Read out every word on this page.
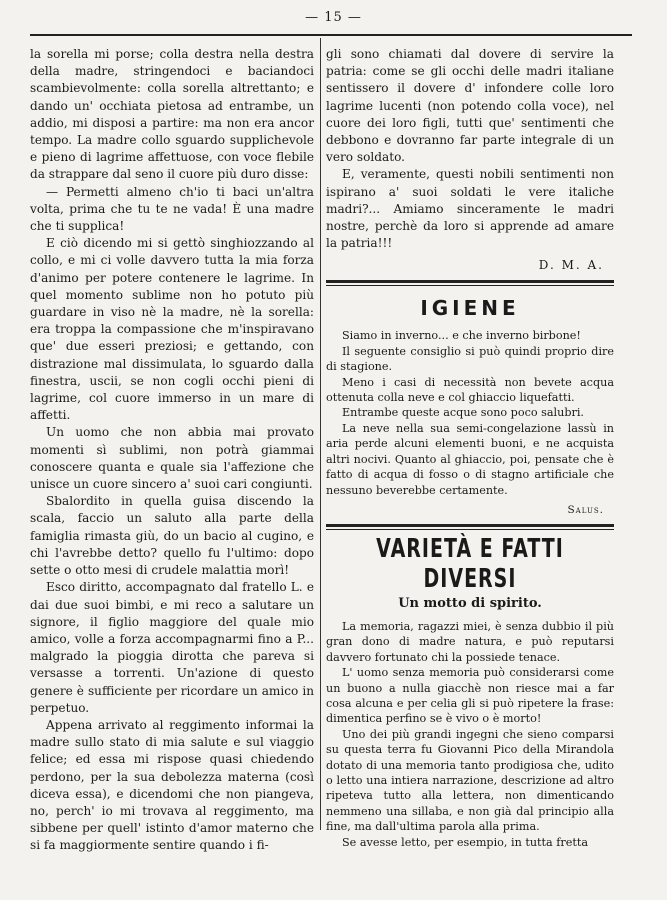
— 15 —

la sorella mi porse; colla destra nella destra della madre, stringendoci e baciandoci scambievolmente: colla sorella altrettanto; e dando un' occhiata pietosa ad entrambe, un addio, mi disposi a partire: ma non era ancor tempo. La madre collo sguardo supplichevole e pieno di lagrime affettuose, con voce flebile da strappare dal seno il cuore più duro disse:

— Permetti almeno ch'io ti baci un'altra volta, prima che tu te ne vada! È una madre che ti supplica!

E ciò dicendo mi si gettò singhiozzando al collo, e mi ci volle davvero tutta la mia forza d'animo per potere contenere le lagrime. In quel momento sublime non ho potuto più guardare in viso nè la madre, nè la sorella: era troppa la compassione che m'inspiravano que' due esseri preziosi; e gettando, con distrazione mal dissimulata, lo sguardo dalla finestra, uscii, se non cogli occhi pieni di lagrime, col cuore immerso in un mare di affetti.

Un uomo che non abbia mai provato momenti sì sublimi, non potrà giammai conoscere quanta e quale sia l'affezione che unisce un cuore sincero a' suoi cari congiunti.

Sbalordito in quella guisa discendo la scala, faccio un saluto alla parte della famiglia rimasta giù, do un bacio al cugino, e chi l'avrebbe detto? quello fu l'ultimo: dopo sette o otto mesi di crudele malattia morì!

Esco diritto, accompagnato dal fratello L. e dai due suoi bimbi, e mi reco a salutare un signore, il figlio maggiore del quale mio amico, volle a forza accompagnarmi fino a P... malgrado la pioggia dirotta che pareva si versasse a torrenti. Un'azione di questo genere è sufficiente per ricordare un amico in perpetuo.

Appena arrivato al reggimento informai la madre sullo stato di mia salute e sul viaggio felice; ed essa mi rispose quasi chiedendo perdono, per la sua debolezza materna (così diceva essa), e dicendomi che non piangeva, no, perch' io mi trovava al reggimento, ma sibbene per quell' istinto d'amor materno che si fa maggiormente sentire quando i fi-

gli sono chiamati dal dovere di servire la patria: come se gli occhi delle madri italiane sentissero il dovere d' infondere colle loro lagrime lucenti (non potendo colla voce), nel cuore dei loro figli, tutti que' sentimenti che debbono e dovranno far parte integrale di un vero soldato.

E, veramente, questi nobili sentimenti non ispirano a' suoi soldati le vere italiche madri?... Amiamo sinceramente le madri nostre, perchè da loro si apprende ad amare la patria!!!

D. M. A.
IGIENE

Siamo in inverno... e che inverno birbone!

Il seguente consiglio si può quindi proprio dire di stagione.

Meno i casi di necessità non bevete acqua ottenuta colla neve e col ghiaccio liquefatti.

Entrambe queste acque sono poco salubri.

La neve nella sua semi-congelazione lassù in aria perde alcuni elementi buoni, e ne acquista altri nocivi. Quanto al ghiaccio, poi, pensate che è fatto di acqua di fosso o di stagno artificiale che nessuno beverebbe certamente.

Salus.
VARIETÀ E FATTI DIVERSI
Un motto di spirito.

La memoria, ragazzi miei, è senza dubbio il più gran dono di madre natura, e può reputarsi davvero fortunato chi la possiede tenace.

L' uomo senza memoria può considerarsi come un buono a nulla giacchè non riesce mai a far cosa alcuna e per celia gli si può ripetere la frase: dimentica perfino se è vivo o è morto!

Uno dei più grandi ingegni che sieno comparsi su questa terra fu Giovanni Pico della Mirandola dotato di una memoria tanto prodigiosa che, udito o letto una intiera narrazione, descrizione ad altro ripeteva tutto alla lettera, non dimenticando nemmeno una sillaba, e non già dal principio alla fine, ma dall'ultima parola alla prima.

Se avesse letto, per esempio, in tutta fretta
